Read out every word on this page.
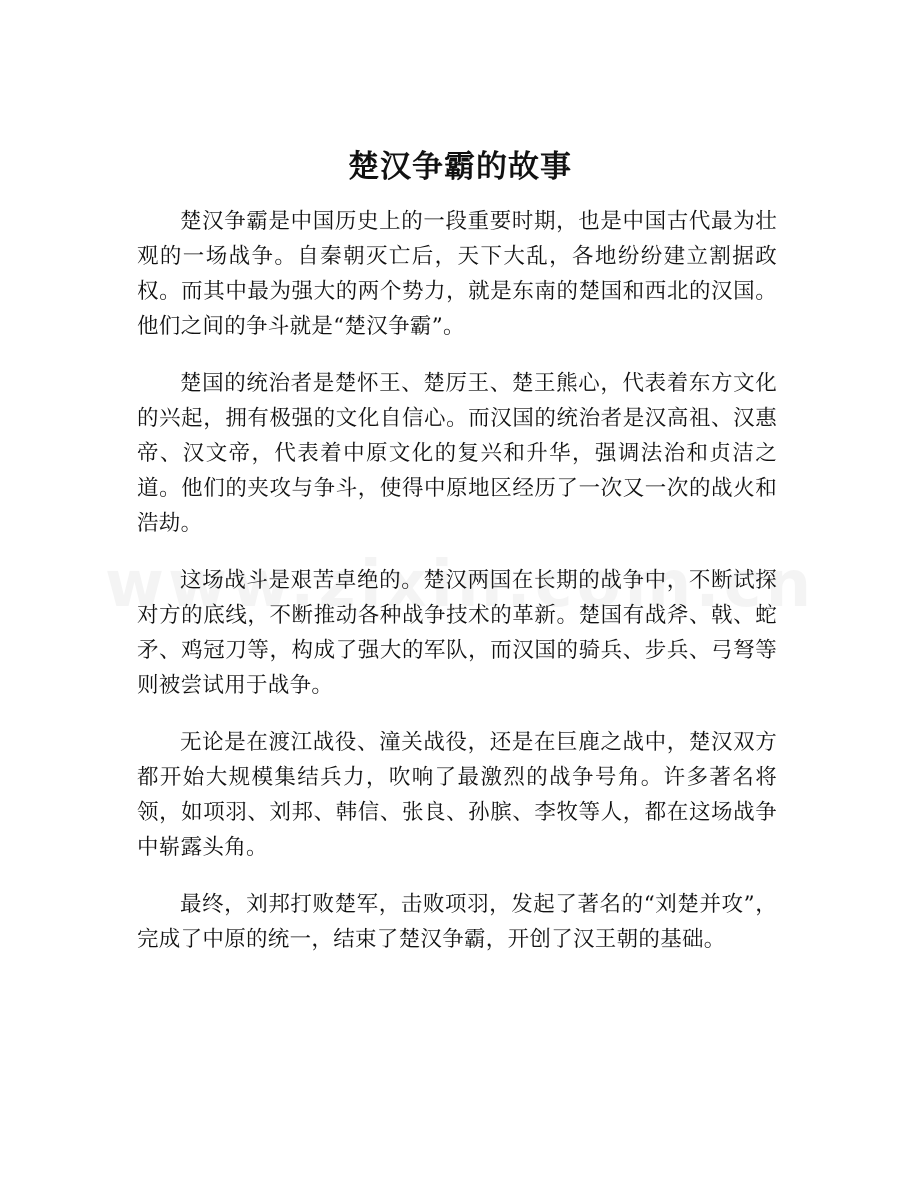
楚汉争霸的故事

楚汉争霸是中国历史上的一段重要时期，也是中国古代最为壮观的一场战争。自秦朝灭亡后，天下大乱，各地纷纷建立割据政权。而其中最为强大的两个势力，就是东南的楚国和西北的汉国。他们之间的争斗就是“楚汉争霸”。

楚国的统治者是楚怀王、楚厉王、楚王熊心，代表着东方文化的兴起，拥有极强的文化自信心。而汉国的统治者是汉高祖、汉惠帝、汉文帝，代表着中原文化的复兴和升华，强调法治和贞洁之道。他们的夹攻与争斗，使得中原地区经历了一次又一次的战火和浩劫。

这场战斗是艰苦卓绝的。楚汉两国在长期的战争中，不断试探对方的底线，不断推动各种战争技术的革新。楚国有战斧、戟、蛇矛、鸡冠刀等，构成了强大的军队，而汉国的骑兵、步兵、弓弩等则被尝试用于战争。

无论是在渡江战役、潼关战役，还是在巨鹿之战中，楚汉双方都开始大规模集结兵力，吹响了最激烈的战争号角。许多著名将领，如项羽、刘邦、韩信、张良、孙膑、李牧等人，都在这场战争中崭露头角。

最终，刘邦打败楚军，击败项羽，发起了著名的“刘楚并攻”，完成了中原的统一，结束了楚汉争霸，开创了汉王朝的基础。
